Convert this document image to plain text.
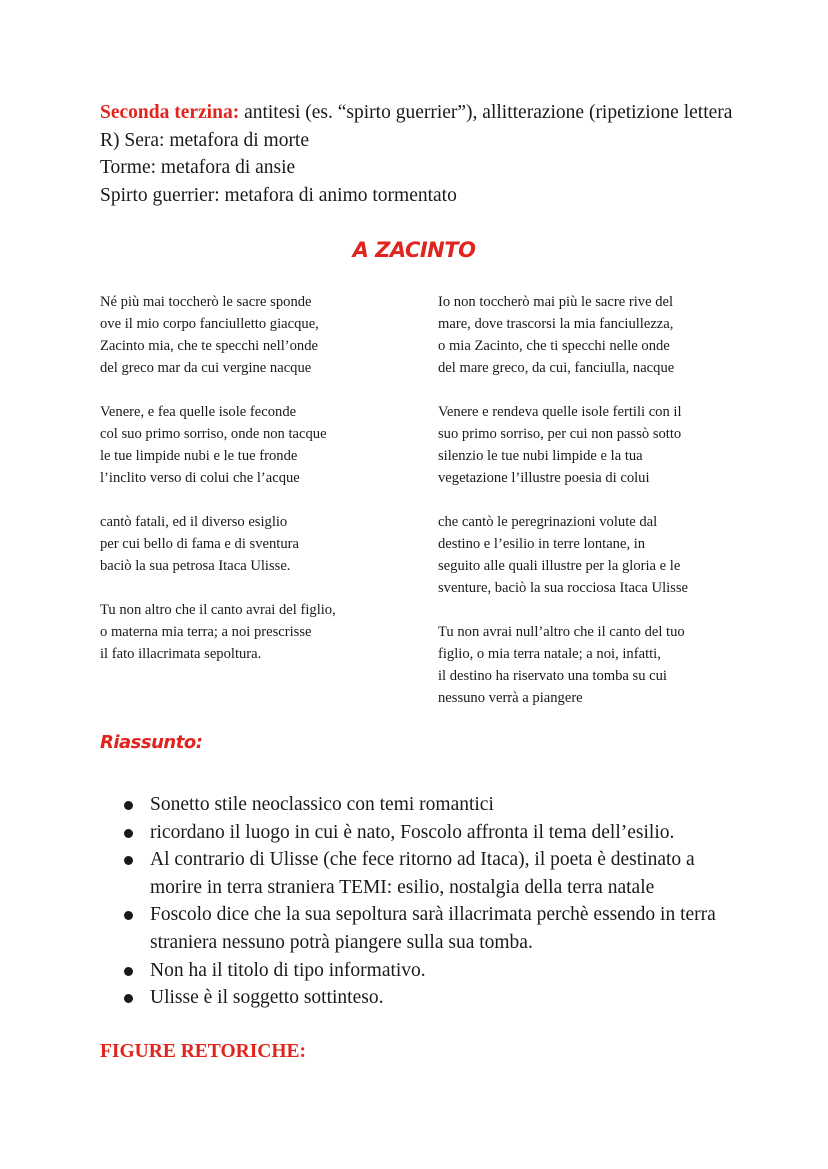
Seconda terzina: antitesi (es. “spirto guerrier”), allitterazione (ripetizione lettera R) Sera: metafora di morte

Torme: metafora di ansie

Spirto guerrier: metafora di animo tormentato

A ZACINTO
Né più mai toccherò le sacre sponde
ove il mio corpo fanciulletto giacque,
Zacinto mia, che te specchi nell’onde
del greco mar da cui vergine nacque
Venere, e fea quelle isole feconde
col suo primo sorriso, onde non tacque
le tue limpide nubi e le tue fronde
l’inclito verso di colui che l’acque
cantò fatali, ed il diverso esiglio
per cui bello di fama e di sventura
baciò la sua petrosa Itaca Ulisse.
Tu non altro che il canto avrai del figlio,
o materna mia terra; a noi prescrisse
il fato illacrimata sepoltura.
Io non toccherò mai più le sacre rive del
mare, dove trascorsi la mia fanciullezza,
o mia Zacinto, che ti specchi nelle onde
del mare greco, da cui, fanciulla, nacque
Venere e rendeva quelle isole fertili con il
suo primo sorriso, per cui non passò sotto
silenzio le tue nubi limpide e la tua
vegetazione l’illustre poesia di colui
che cantò le peregrinazioni volute dal
destino e l’esilio in terre lontane, in
seguito alle quali illustre per la gloria e le
sventure, baciò la sua rocciosa Itaca Ulisse
Tu non avrai null’altro che il canto del tuo
figlio, o mia terra natale; a noi, infatti,
il destino ha riservato una tomba su cui
nessuno verrà a piangere
Riassunto:
Sonetto stile neoclassico con temi romantici
ricordano il luogo in cui è nato, Foscolo affronta il tema dell’esilio.
Al contrario di Ulisse (che fece ritorno ad Itaca), il poeta è destinato a morire in terra straniera TEMI: esilio, nostalgia della terra natale
Foscolo dice che la sua sepoltura sarà illacrimata perchè essendo in terra straniera nessuno potrà piangere sulla sua tomba.
Non ha il titolo di tipo informativo.
Ulisse è il soggetto sottinteso.
FIGURE RETORICHE:
